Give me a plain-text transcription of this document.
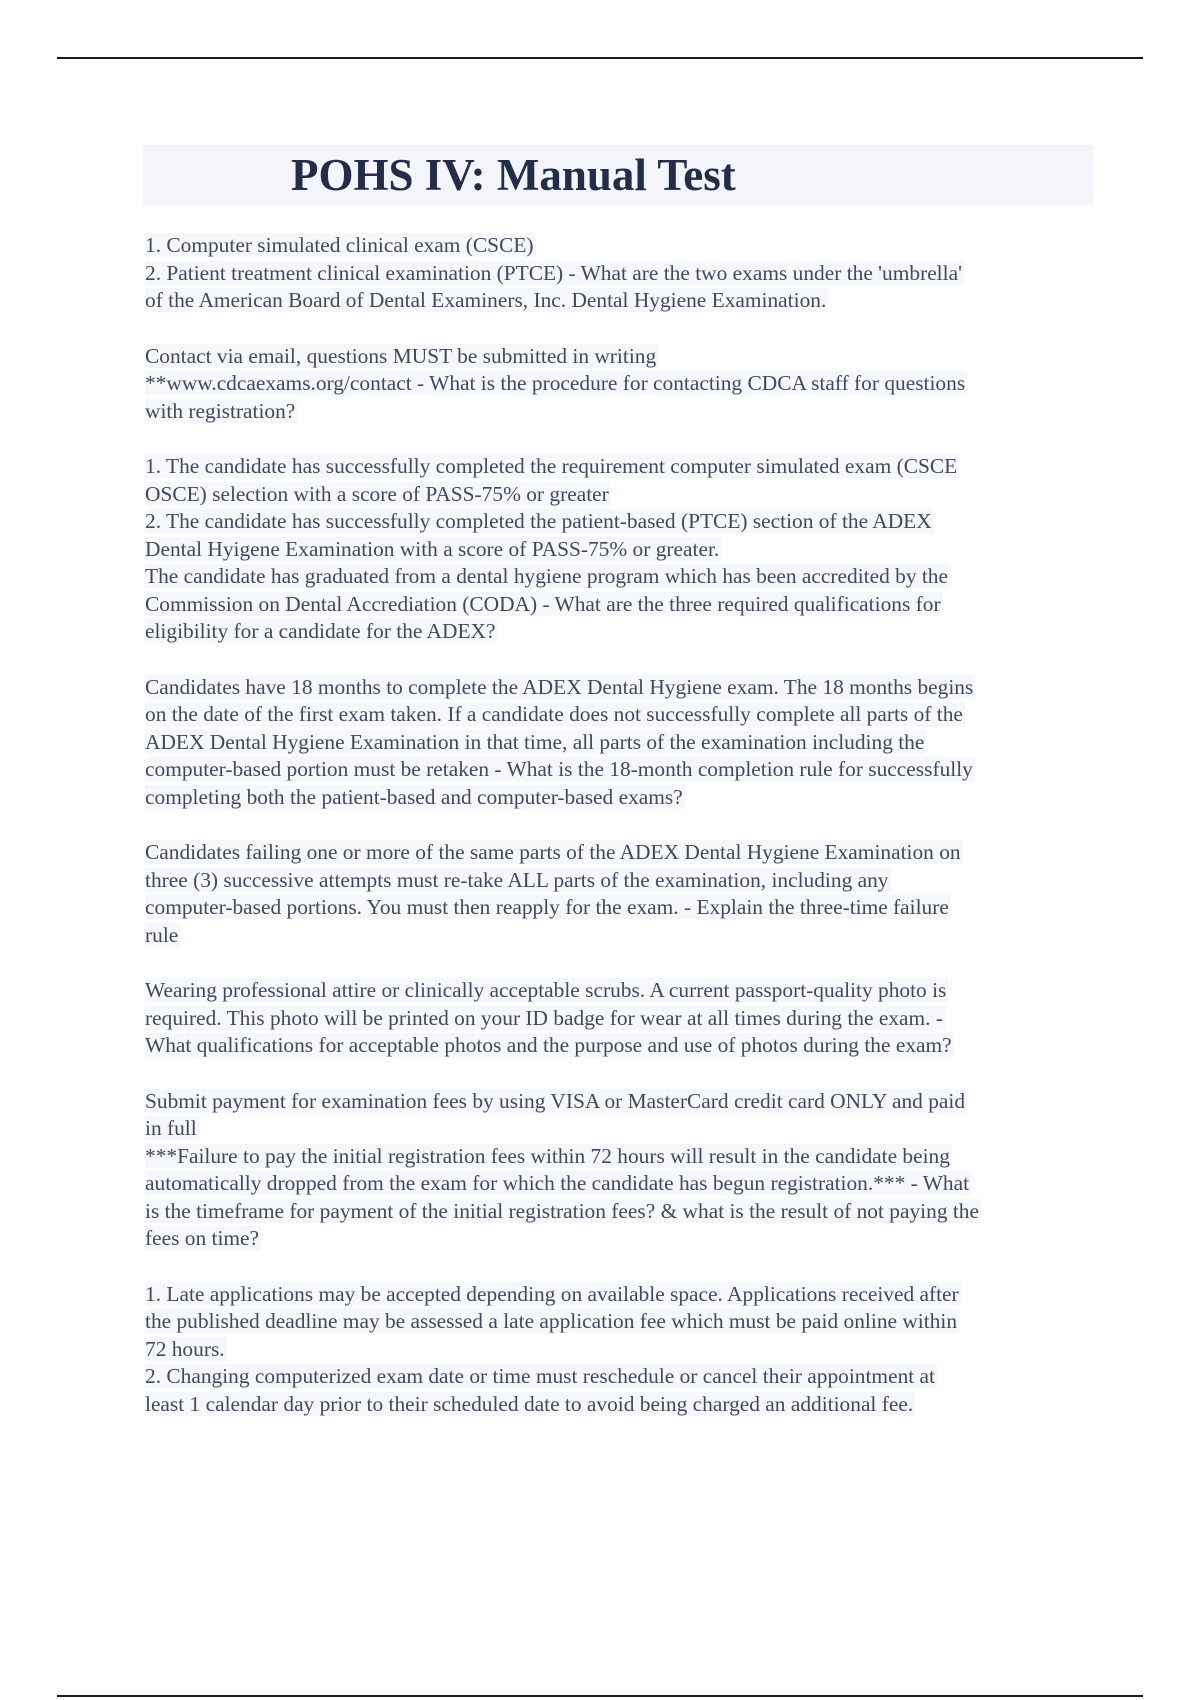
POHS IV: Manual Test
1. Computer simulated clinical exam (CSCE)
2. Patient treatment clinical examination (PTCE) - What are the two exams under the 'umbrella'
of the American Board of Dental Examiners, Inc. Dental Hygiene Examination.
Contact via email, questions MUST be submitted in writing
**www.cdcaexams.org/contact - What is the procedure for contacting CDCA staff for questions
with registration?
1. The candidate has successfully completed the requirement computer simulated exam (CSCE
OSCE) selection with a score of PASS-75% or greater
2. The candidate has successfully completed the patient-based (PTCE) section of the ADEX
Dental Hyigene Examination with a score of PASS-75% or greater.
The candidate has graduated from a dental hygiene program which has been accredited by the
Commission on Dental Accrediation (CODA) - What are the three required qualifications for
eligibility for a candidate for the ADEX?
Candidates have 18 months to complete the ADEX Dental Hygiene exam. The 18 months begins
on the date of the first exam taken. If a candidate does not successfully complete all parts of the
ADEX Dental Hygiene Examination in that time, all parts of the examination including the
computer-based portion must be retaken - What is the 18-month completion rule for successfully
completing both the patient-based and computer-based exams?
Candidates failing one or more of the same parts of the ADEX Dental Hygiene Examination on
three (3) successive attempts must re-take ALL parts of the examination, including any
computer-based portions. You must then reapply for the exam. - Explain the three-time failure
rule
Wearing professional attire or clinically acceptable scrubs. A current passport-quality photo is
required. This photo will be printed on your ID badge for wear at all times during the exam. -
What qualifications for acceptable photos and the purpose and use of photos during the exam?
Submit payment for examination fees by using VISA or MasterCard credit card ONLY and paid
in full
***Failure to pay the initial registration fees within 72 hours will result in the candidate being
automatically dropped from the exam for which the candidate has begun registration.*** - What
is the timeframe for payment of the initial registration fees? & what is the result of not paying the
fees on time?
1. Late applications may be accepted depending on available space. Applications received after
the published deadline may be assessed a late application fee which must be paid online within
72 hours.
2. Changing computerized exam date or time must reschedule or cancel their appointment at
least 1 calendar day prior to their scheduled date to avoid being charged an additional fee.
